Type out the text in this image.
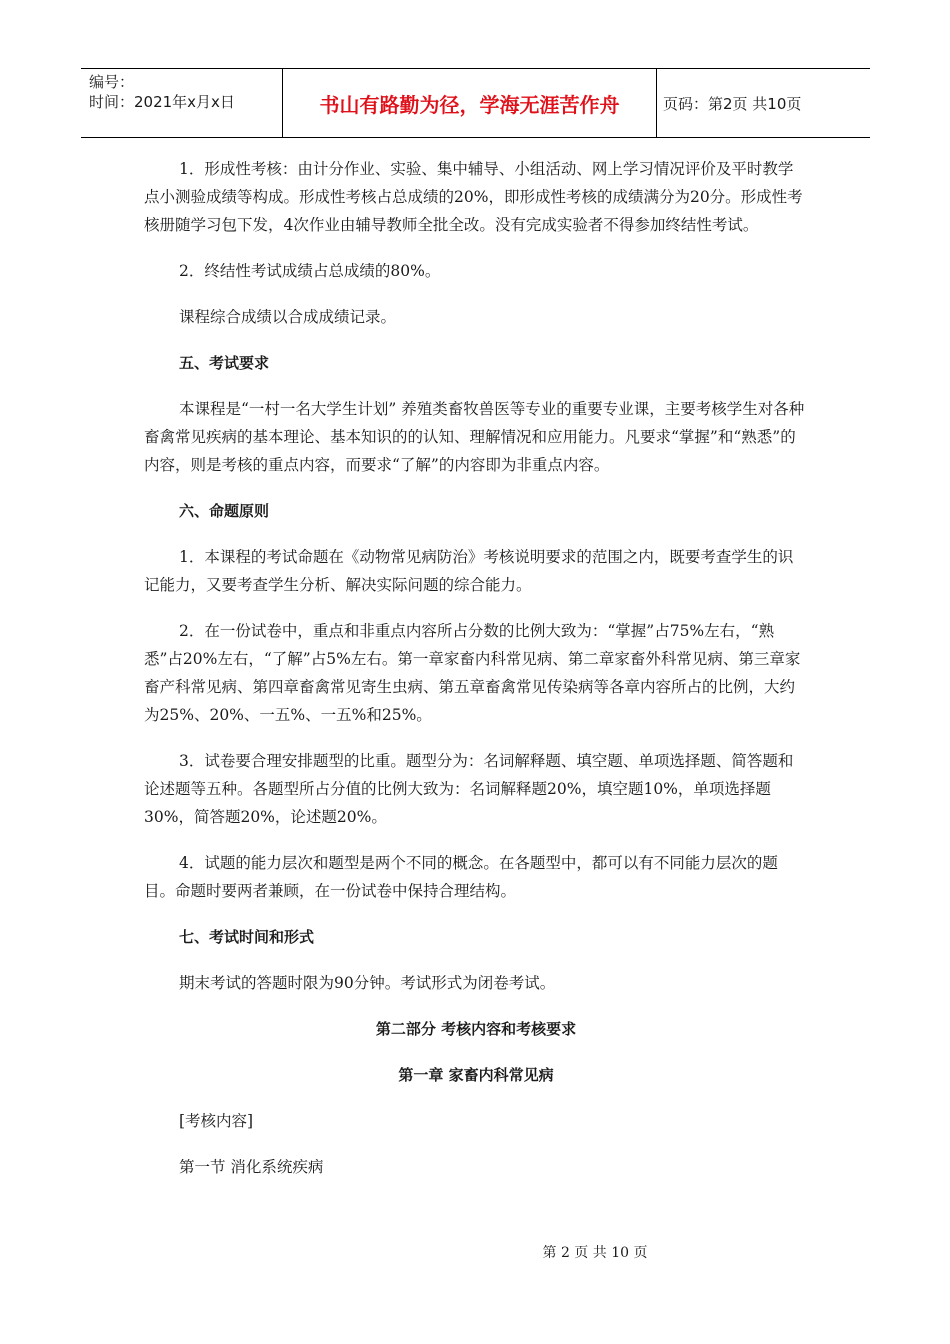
编号：
时间：2021年x月x日	书山有路勤为径，学海无涯苦作舟	页码：第2页 共10页

1．形成性考核：由计分作业、实验、集中辅导、小组活动、网上学习情况评价及平时教学点小测验成绩等构成。形成性考核占总成绩的20%，即形成性考核的成绩满分为20分。形成性考核册随学习包下发，4次作业由辅导教师全批全改。没有完成实验者不得参加终结性考试。

2．终结性考试成绩占总成绩的80%。

课程综合成绩以合成成绩记录。

五、考试要求

本课程是“一村一名大学生计划” 养殖类畜牧兽医等专业的重要专业课，主要考核学生对各种畜禽常见疾病的基本理论、基本知识的的认知、理解情况和应用能力。凡要求“掌握”和“熟悉”的内容，则是考核的重点内容，而要求“了解”的内容即为非重点内容。

六、命题原则

1．本课程的考试命题在《动物常见病防治》考核说明要求的范围之内，既要考查学生的识记能力，又要考查学生分析、解决实际问题的综合能力。

2．在一份试卷中，重点和非重点内容所占分数的比例大致为：“掌握”占75%左右，“熟悉”占20%左右，“了解”占5%左右。第一章家畜内科常见病、第二章家畜外科常见病、第三章家畜产科常见病、第四章畜禽常见寄生虫病、第五章畜禽常见传染病等各章内容所占的比例，大约为25%、20%、一五%、一五%和25%。

3．试卷要合理安排题型的比重。题型分为：名词解释题、填空题、单项选择题、简答题和论述题等五种。各题型所占分值的比例大致为：名词解释题20%，填空题10%，单项选择题30%，简答题20%，论述题20%。

4．试题的能力层次和题型是两个不同的概念。在各题型中，都可以有不同能力层次的题目。命题时要两者兼顾，在一份试卷中保持合理结构。

七、考试时间和形式

期末考试的答题时限为90分钟。考试形式为闭卷考试。

第二部分 考核内容和考核要求

第一章 家畜内科常见病

[考核内容]

第一节 消化系统疾病

第 2 页 共 10 页
